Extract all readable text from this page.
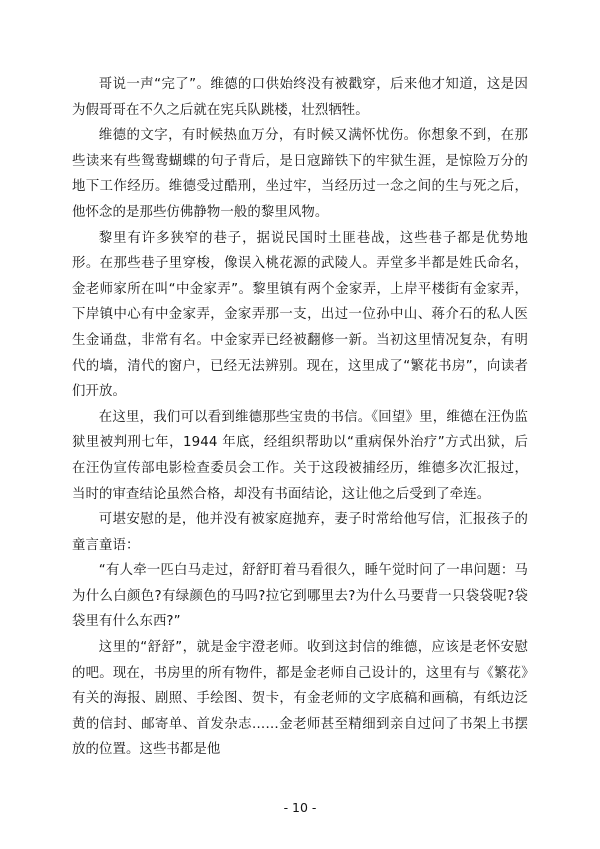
哥说一声“完了”。维德的口供始终没有被戳穿，后来他才知道，这是因为假哥哥在不久之后就在宪兵队跳楼，壮烈牺牲。

维德的文字，有时候热血万分，有时候又满怀忧伤。你想象不到，在那些读来有些鸳鸯蝴蝶的句子背后，是日寇蹄铁下的牢狱生涯，是惊险万分的地下工作经历。维德受过酷刑，坐过牢，当经历过一念之间的生与死之后，他怀念的是那些仿佛静物一般的黎里风物。

黎里有许多狭窄的巷子，据说民国时土匪巷战，这些巷子都是优势地形。在那些巷子里穿梭，像误入桃花源的武陵人。弄堂多半都是姓氏命名，金老师家所在叫“中金家弄”。黎里镇有两个金家弄，上岸平楼街有金家弄，下岸镇中心有中金家弄，金家弄那一支，出过一位孙中山、蒋介石的私人医生金诵盘，非常有名。中金家弄已经被翻修一新。当初这里情况复杂，有明代的墙，清代的窗户，已经无法辨别。现在，这里成了“繁花书房”，向读者们开放。

在这里，我们可以看到维德那些宝贵的书信。《回望》里，维德在汪伪监狱里被判刑七年，1944 年底，经组织帮助以“重病保外治疗”方式出狱，后在汪伪宣传部电影检查委员会工作。关于这段被捕经历，维德多次汇报过，当时的审查结论虽然合格，却没有书面结论，这让他之后受到了牵连。

可堪安慰的是，他并没有被家庭抛弃，妻子时常给他写信，汇报孩子的童言童语：

“有人牵一匹白马走过，舒舒盯着马看很久，睡午觉时问了一串问题：马为什么白颜色?有绿颜色的马吗?拉它到哪里去?为什么马要背一只袋袋呢?袋袋里有什么东西?”

这里的“舒舒”，就是金宇澄老师。收到这封信的维德，应该是老怀安慰的吧。现在，书房里的所有物件，都是金老师自己设计的，这里有与《繁花》有关的海报、剧照、手绘图、贺卡，有金老师的文字底稿和画稿，有纸边泛黄的信封、邮寄单、首发杂志……金老师甚至精细到亲自过问了书架上书摆放的位置。这些书都是他

- 10 -
